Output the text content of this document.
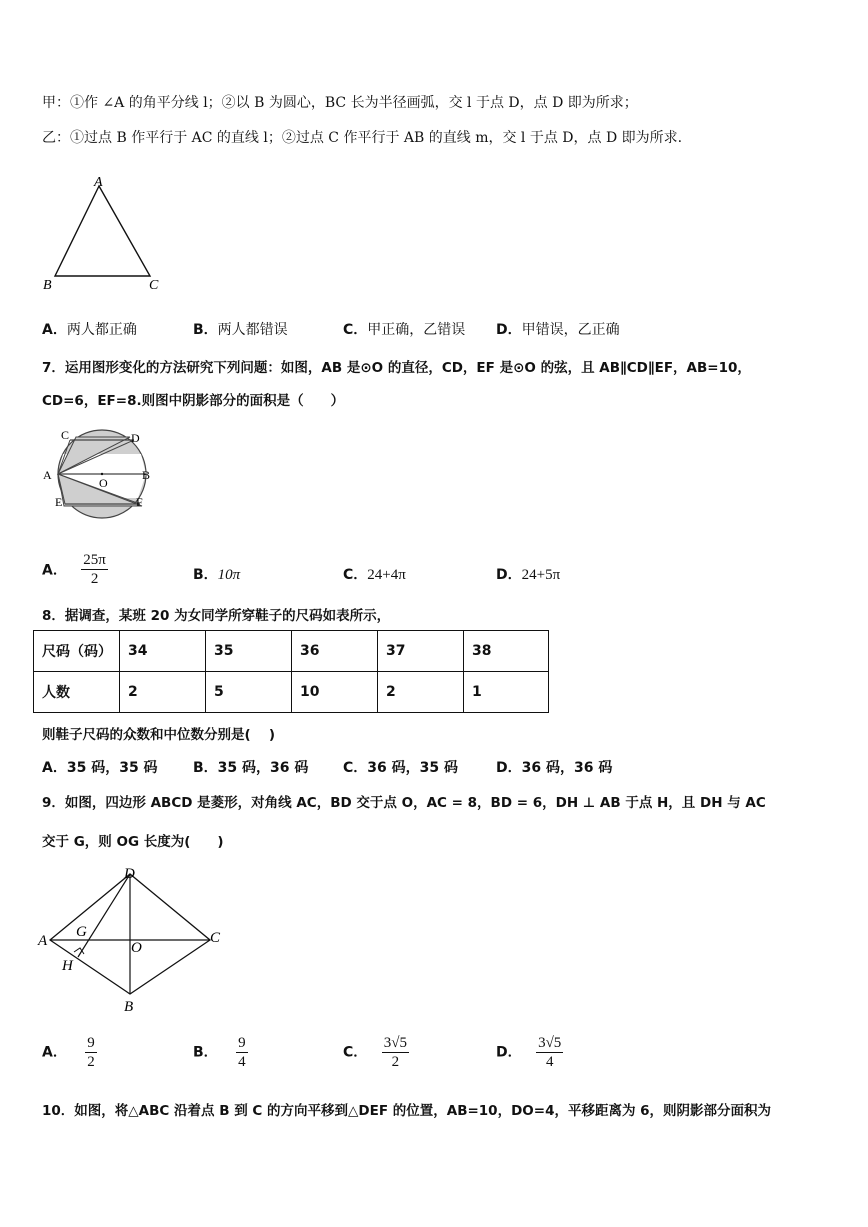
甲：①作 ∠A 的角平分线 l；②以 B 为圆心，BC 长为半径画弧，交 l 于点 D，点 D 即为所求；
乙：①过点 B 作平行于 AC 的直线 l；②过点 C 作平行于 AB 的直线 m，交 l 于点 D，点 D 即为所求.
A
B	C
A．两人都正确	B．两人都错误	C．甲正确，乙错误 D．甲错误，乙正确
7．运用图形变化的方法研究下列问题：如图，AB 是⊙O 的直径，CD，EF 是⊙O 的弦，且 AB∥CD∥EF，AB=10，
CD=6，EF=8.则图中阴影部分的面积是（　　）
C	D
A	B
O
E	F
A． $\frac{25\pi}{2}$	B．10π	C．24+4π	D．24+5π
8．据调查，某班 20 为女同学所穿鞋子的尺码如表所示，
尺码（码）	34	35	36	37	38
人数	2	5	10	2	1
则鞋子尺码的众数和中位数分别是(　 )
A．35 码，35 码	B．35 码，36 码 C．36 码，35 码	D．36 码，36 码
9．如图，四边形 ABCD 是菱形，对角线 AC，BD 交于点 O，AC = 8，BD = 6，DH ⊥ AB 于点 H，且 DH 与 AC
交于 G，则 OG 长度为(　　)
D
A
G
O
C
H
B
A． $\frac{9}{2}$	B． $\frac{9}{4}$	C． $\frac{3√5}{2}$	D． $\frac{3√5}{4}$
10．如图，将△ABC 沿着点 B 到 C 的方向平移到△DEF 的位置，AB=10，DO=4，平移距离为 6，则阴影部分面积为
